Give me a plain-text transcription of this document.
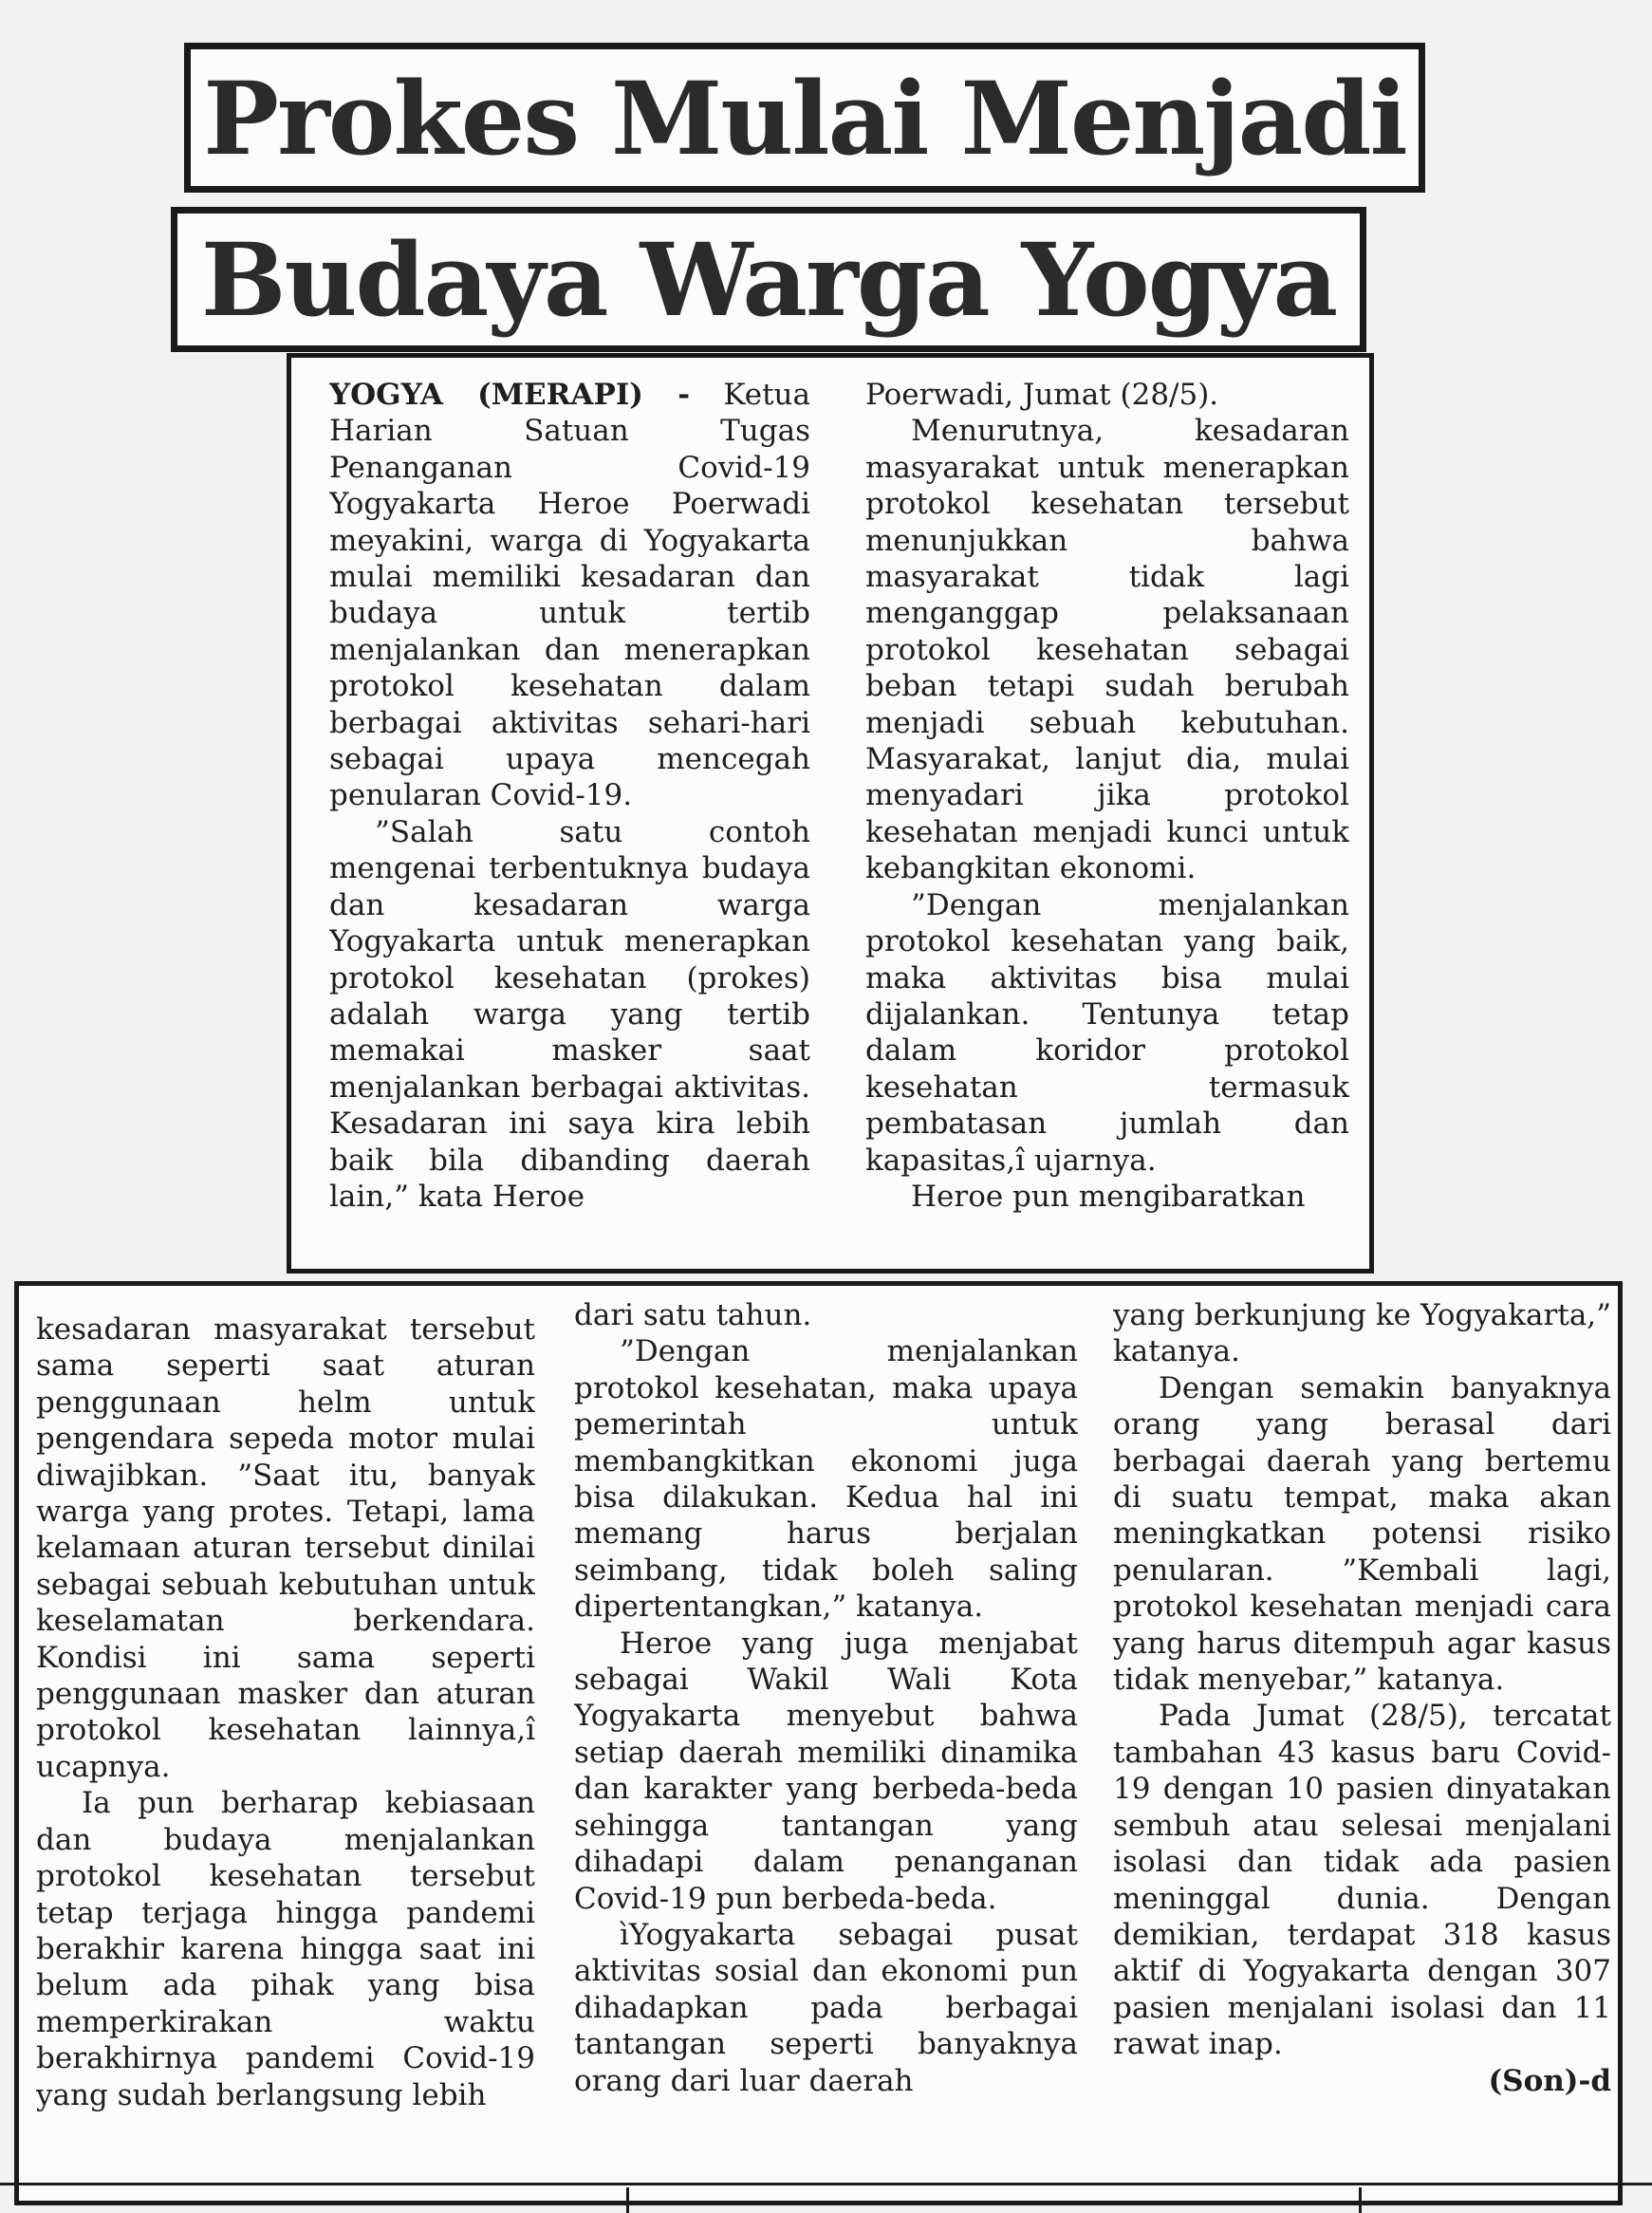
Prokes Mulai Menjadi
Budaya Warga Yogya

YOGYA (MERAPI) - Ketua Harian Satuan Tugas Penanganan Covid-19 Yogyakarta Heroe Poerwadi meyakini, warga di Yogyakarta mulai memiliki kesadaran dan budaya untuk tertib menjalankan dan menerapkan protokol kesehatan dalam berbagai aktivitas sehari-hari sebagai upaya mencegah penularan Covid-19.

”Salah satu contoh mengenai terbentuknya budaya dan kesadaran warga Yogyakarta untuk menerapkan protokol kesehatan (prokes) adalah warga yang tertib memakai masker saat menjalankan berbagai aktivitas. Kesadaran ini saya kira lebih baik bila dibanding daerah lain,” kata Heroe

Poerwadi, Jumat (28/5).

Menurutnya, kesadaran masyarakat untuk menerapkan protokol kesehatan tersebut menunjukkan bahwa masyarakat tidak lagi menganggap pelaksanaan protokol kesehatan sebagai beban tetapi sudah berubah menjadi sebuah kebutuhan. Masyarakat, lanjut dia, mulai menyadari jika protokol kesehatan menjadi kunci untuk kebangkitan ekonomi.

”Dengan menjalankan protokol kesehatan yang baik, maka aktivitas bisa mulai dijalankan. Tentunya tetap dalam koridor protokol kesehatan termasuk pembatasan jumlah dan kapasitas,î ujarnya.

Heroe pun mengibaratkan

kesadaran masyarakat tersebut sama seperti saat aturan penggunaan helm untuk pengendara sepeda motor mulai diwajibkan. ”Saat itu, banyak warga yang protes. Tetapi, lama kelamaan aturan tersebut dinilai sebagai sebuah kebutuhan untuk keselamatan berkendara. Kondisi ini sama seperti penggunaan masker dan aturan protokol kesehatan lainnya,î ucapnya.

Ia pun berharap kebiasaan dan budaya menjalankan protokol kesehatan tersebut tetap terjaga hingga pandemi berakhir karena hingga saat ini belum ada pihak yang bisa memperkirakan waktu berakhirnya pandemi Covid-19 yang sudah berlangsung lebih

dari satu tahun.

”Dengan menjalankan protokol kesehatan, maka upaya pemerintah untuk membangkitkan ekonomi juga bisa dilakukan. Kedua hal ini memang harus berjalan seimbang, tidak boleh saling dipertentangkan,” katanya.

Heroe yang juga menjabat sebagai Wakil Wali Kota Yogyakarta menyebut bahwa setiap daerah memiliki dinamika dan karakter yang berbeda-beda sehingga tantangan yang dihadapi dalam penanganan Covid-19 pun berbeda-beda.

ìYogyakarta sebagai pusat aktivitas sosial dan ekonomi pun dihadapkan pada berbagai tantangan seperti banyaknya orang dari luar daerah

yang berkunjung ke Yogyakarta,” katanya.

Dengan semakin banyaknya orang yang berasal dari berbagai daerah yang bertemu di suatu tempat, maka akan meningkatkan potensi risiko penularan. ”Kembali lagi, protokol kesehatan menjadi cara yang harus ditempuh agar kasus tidak menyebar,” katanya.

Pada Jumat (28/5), tercatat tambahan 43 kasus baru Covid-19 dengan 10 pasien dinyatakan sembuh atau selesai menjalani isolasi dan tidak ada pasien meninggal dunia. Dengan demikian, terdapat 318 kasus aktif di Yogyakarta dengan 307 pasien menjalani isolasi dan 11 rawat inap.

(Son)-d
